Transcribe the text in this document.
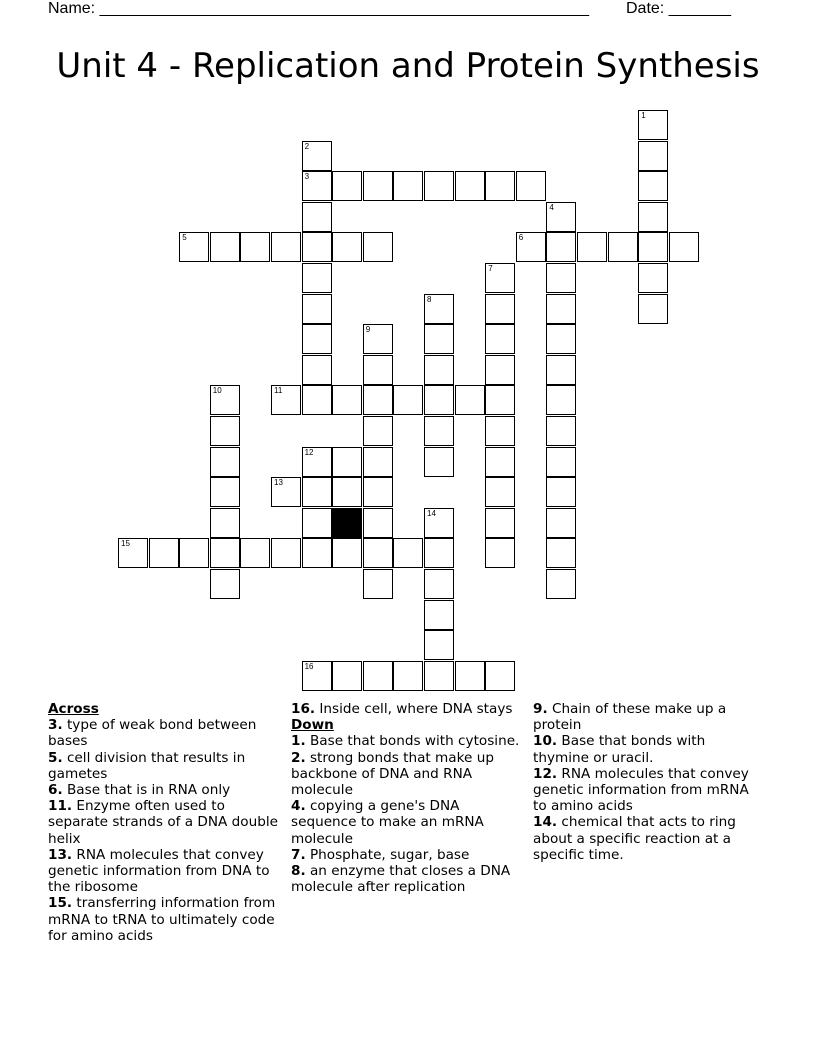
Name: _______________________________________________________ Date: _______
Unit 4 - Replication and Protein Synthesis
1
2
3
4
5	6
7
8
9
10	11
12
13
14
15
16

Across

3. type of weak bond between bases

5. cell division that results in gametes

6. Base that is in RNA only

11. Enzyme often used to separate strands of a DNA double helix

13. RNA molecules that convey genetic information from DNA to the ribosome

15. transferring information from mRNA to tRNA to ultimately code for amino acids

16. Inside cell, where DNA stays

Down

1. Base that bonds with cytosine.

2. strong bonds that make up backbone of DNA and RNA molecule

4. copying a gene's DNA sequence to make an mRNA molecule

7. Phosphate, sugar, base

8. an enzyme that closes a DNA molecule after replication

9. Chain of these make up a protein

10. Base that bonds with thymine or uracil.

12. RNA molecules that convey genetic information from mRNA to amino acids

14. chemical that acts to ring about a specific reaction at a specific time.
